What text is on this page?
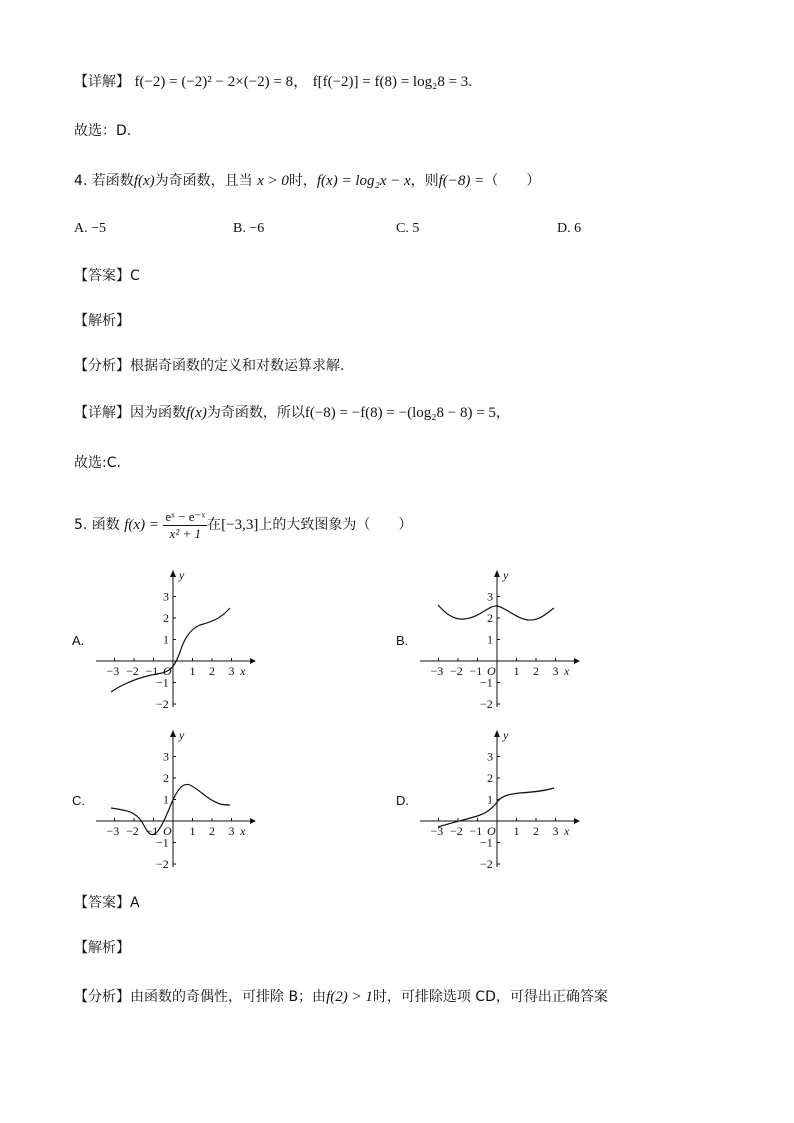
【详解】 f(−2) = (−2)² − 2×(−2) = 8， f[f(−2)] = f(8) = log₂8 = 3.
故选：D.
4. 若函数f(x)为奇函数，且当 x > 0时，f(x) = log₂x − x，则f(−8) =（　　）
A. −5	B. −6	C. 5	D. 6
【答案】C
【解析】
【分析】根据奇函数的定义和对数运算求解.
【详解】因为函数f(x)为奇函数，所以f(−8) = −f(8) = −(log₂8 − 8) = 5，
故选:C.
5. 函数 $f(x) = \frac{\text{eˣ − e⁻ˣ}}{\text{x² + 1}}$ 在[−3,3]上的大致图象为（　　）
A.	B.
C.	D.
−3 −2 −1 O 1 2 3 x
3
2
1
−1
−2
y
−3 −2 −1 O 1 2 3 x
3
2
1
−1
−2
y
−3 −2 −1 O 1 2 3 x
3
2
1
−1
−2
y
−3 −2 −1 O 1 2 3 x
3
2
1
−1
−2
y
【答案】A
【解析】
【分析】由函数的奇偶性，可排除 B；由f(2) > 1时，可排除选项 CD，可得出正确答案
